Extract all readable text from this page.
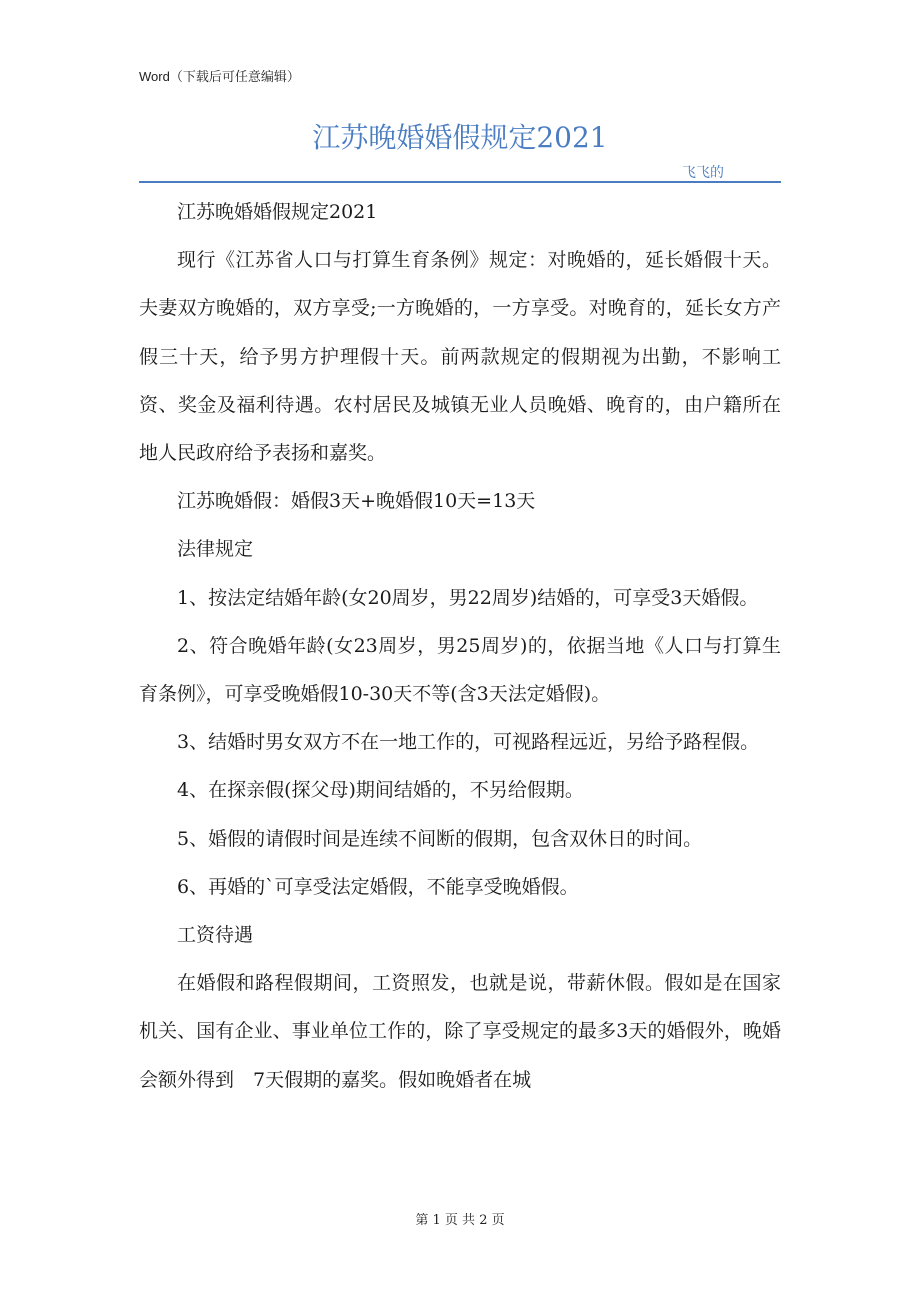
Word（下载后可任意编辑）
江苏晚婚婚假规定2021
飞飞的

江苏晚婚婚假规定2021

现行《江苏省人口与打算生育条例》规定：对晚婚的，延长婚假十天。夫妻双方晚婚的，双方享受;一方晚婚的，一方享受。对晚育的，延长女方产假三十天，给予男方护理假十天。前两款规定的假期视为出勤，不影响工资、奖金及福利待遇。农村居民及城镇无业人员晚婚、晚育的，由户籍所在地人民政府给予表扬和嘉奖。

江苏晚婚假：婚假3天+晚婚假10天=13天

法律规定

1、按法定结婚年龄(女20周岁，男22周岁)结婚的，可享受3天婚假。

2、符合晚婚年龄(女23周岁，男25周岁)的，依据当地《人口与打算生育条例》，可享受晚婚假10-30天不等(含3天法定婚假)。

3、结婚时男女双方不在一地工作的，可视路程远近，另给予路程假。

4、在探亲假(探父母)期间结婚的，不另给假期。

5、婚假的请假时间是连续不间断的假期，包含双休日的时间。

6、再婚的`可享受法定婚假，不能享受晚婚假。

工资待遇

在婚假和路程假期间，工资照发，也就是说，带薪休假。假如是在国家机关、国有企业、事业单位工作的，除了享受规定的最多3天的婚假外，晚婚会额外得到　7天假期的嘉奖。假如晚婚者在城

第 1 页 共 2 页
